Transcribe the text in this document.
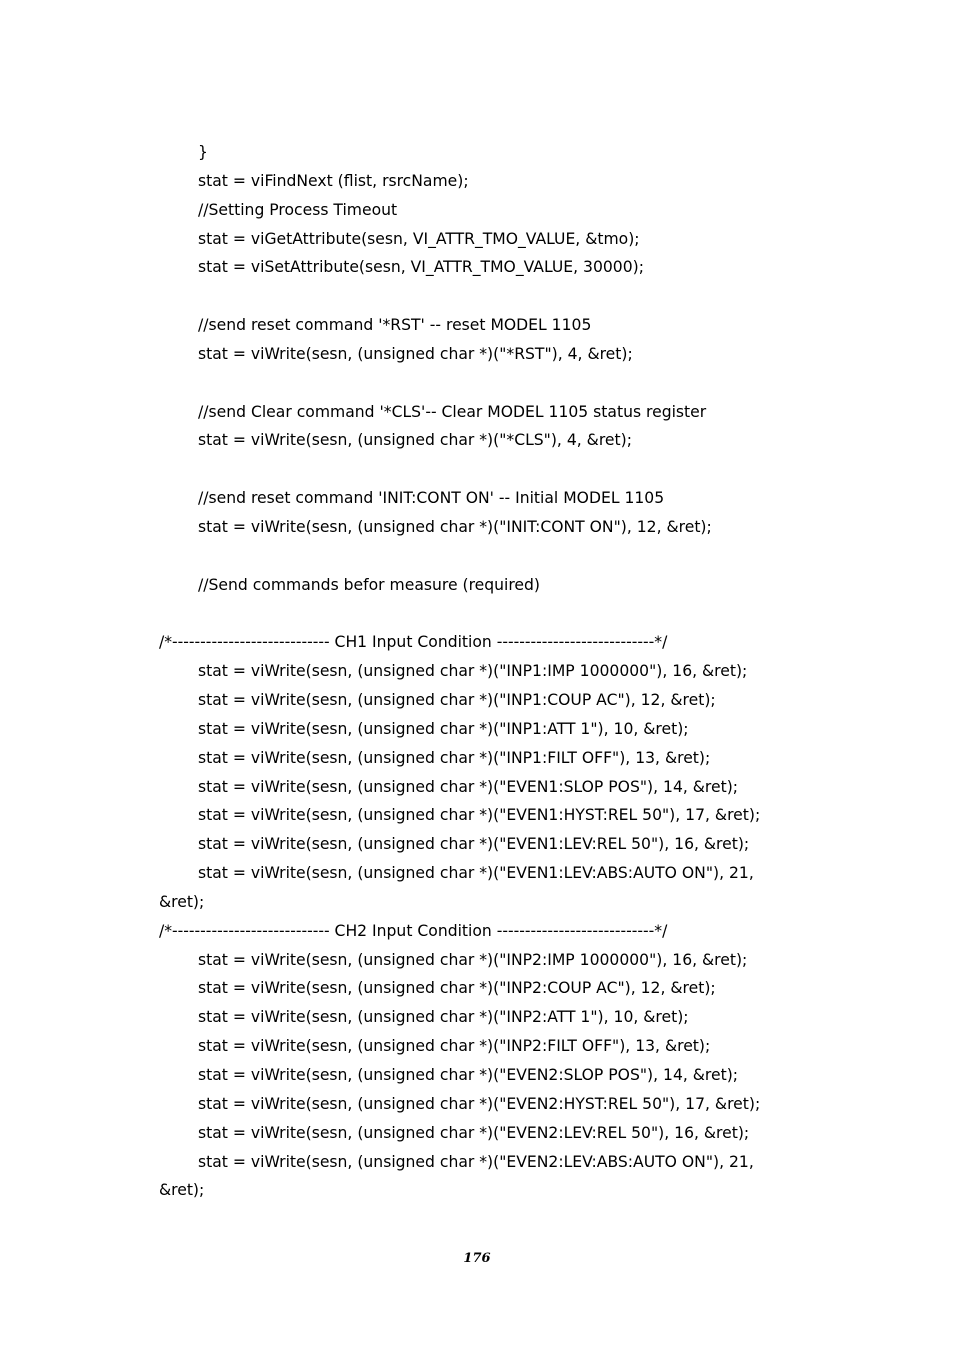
}
stat = viFindNext (flist, rsrcName);
//Setting Process Timeout
stat = viGetAttribute(sesn, VI_ATTR_TMO_VALUE, &tmo);
stat = viSetAttribute(sesn, VI_ATTR_TMO_VALUE, 30000);
//send reset command '*RST' -- reset MODEL 1105
stat = viWrite(sesn, (unsigned char *)("*RST"), 4, &ret);
//send Clear command '*CLS'-- Clear MODEL 1105 status register
stat = viWrite(sesn, (unsigned char *)("*CLS"), 4, &ret);
//send reset command 'INIT:CONT ON' -- Initial MODEL 1105
stat = viWrite(sesn, (unsigned char *)("INIT:CONT ON"), 12, &ret);
//Send commands befor measure (required)
/*---------------------------- CH1 Input Condition ----------------------------*/
stat = viWrite(sesn, (unsigned char *)("INP1:IMP 1000000"), 16, &ret);
stat = viWrite(sesn, (unsigned char *)("INP1:COUP AC"), 12, &ret);
stat = viWrite(sesn, (unsigned char *)("INP1:ATT 1"), 10, &ret);
stat = viWrite(sesn, (unsigned char *)("INP1:FILT OFF"), 13, &ret);
stat = viWrite(sesn, (unsigned char *)("EVEN1:SLOP POS"), 14, &ret);
stat = viWrite(sesn, (unsigned char *)("EVEN1:HYST:REL 50"), 17, &ret);
stat = viWrite(sesn, (unsigned char *)("EVEN1:LEV:REL 50"), 16, &ret);
stat = viWrite(sesn, (unsigned char *)("EVEN1:LEV:ABS:AUTO ON"), 21,
&ret);
/*---------------------------- CH2 Input Condition ----------------------------*/
stat = viWrite(sesn, (unsigned char *)("INP2:IMP 1000000"), 16, &ret);
stat = viWrite(sesn, (unsigned char *)("INP2:COUP AC"), 12, &ret);
stat = viWrite(sesn, (unsigned char *)("INP2:ATT 1"), 10, &ret);
stat = viWrite(sesn, (unsigned char *)("INP2:FILT OFF"), 13, &ret);
stat = viWrite(sesn, (unsigned char *)("EVEN2:SLOP POS"), 14, &ret);
stat = viWrite(sesn, (unsigned char *)("EVEN2:HYST:REL 50"), 17, &ret);
stat = viWrite(sesn, (unsigned char *)("EVEN2:LEV:REL 50"), 16, &ret);
stat = viWrite(sesn, (unsigned char *)("EVEN2:LEV:ABS:AUTO ON"), 21,
&ret);
176
